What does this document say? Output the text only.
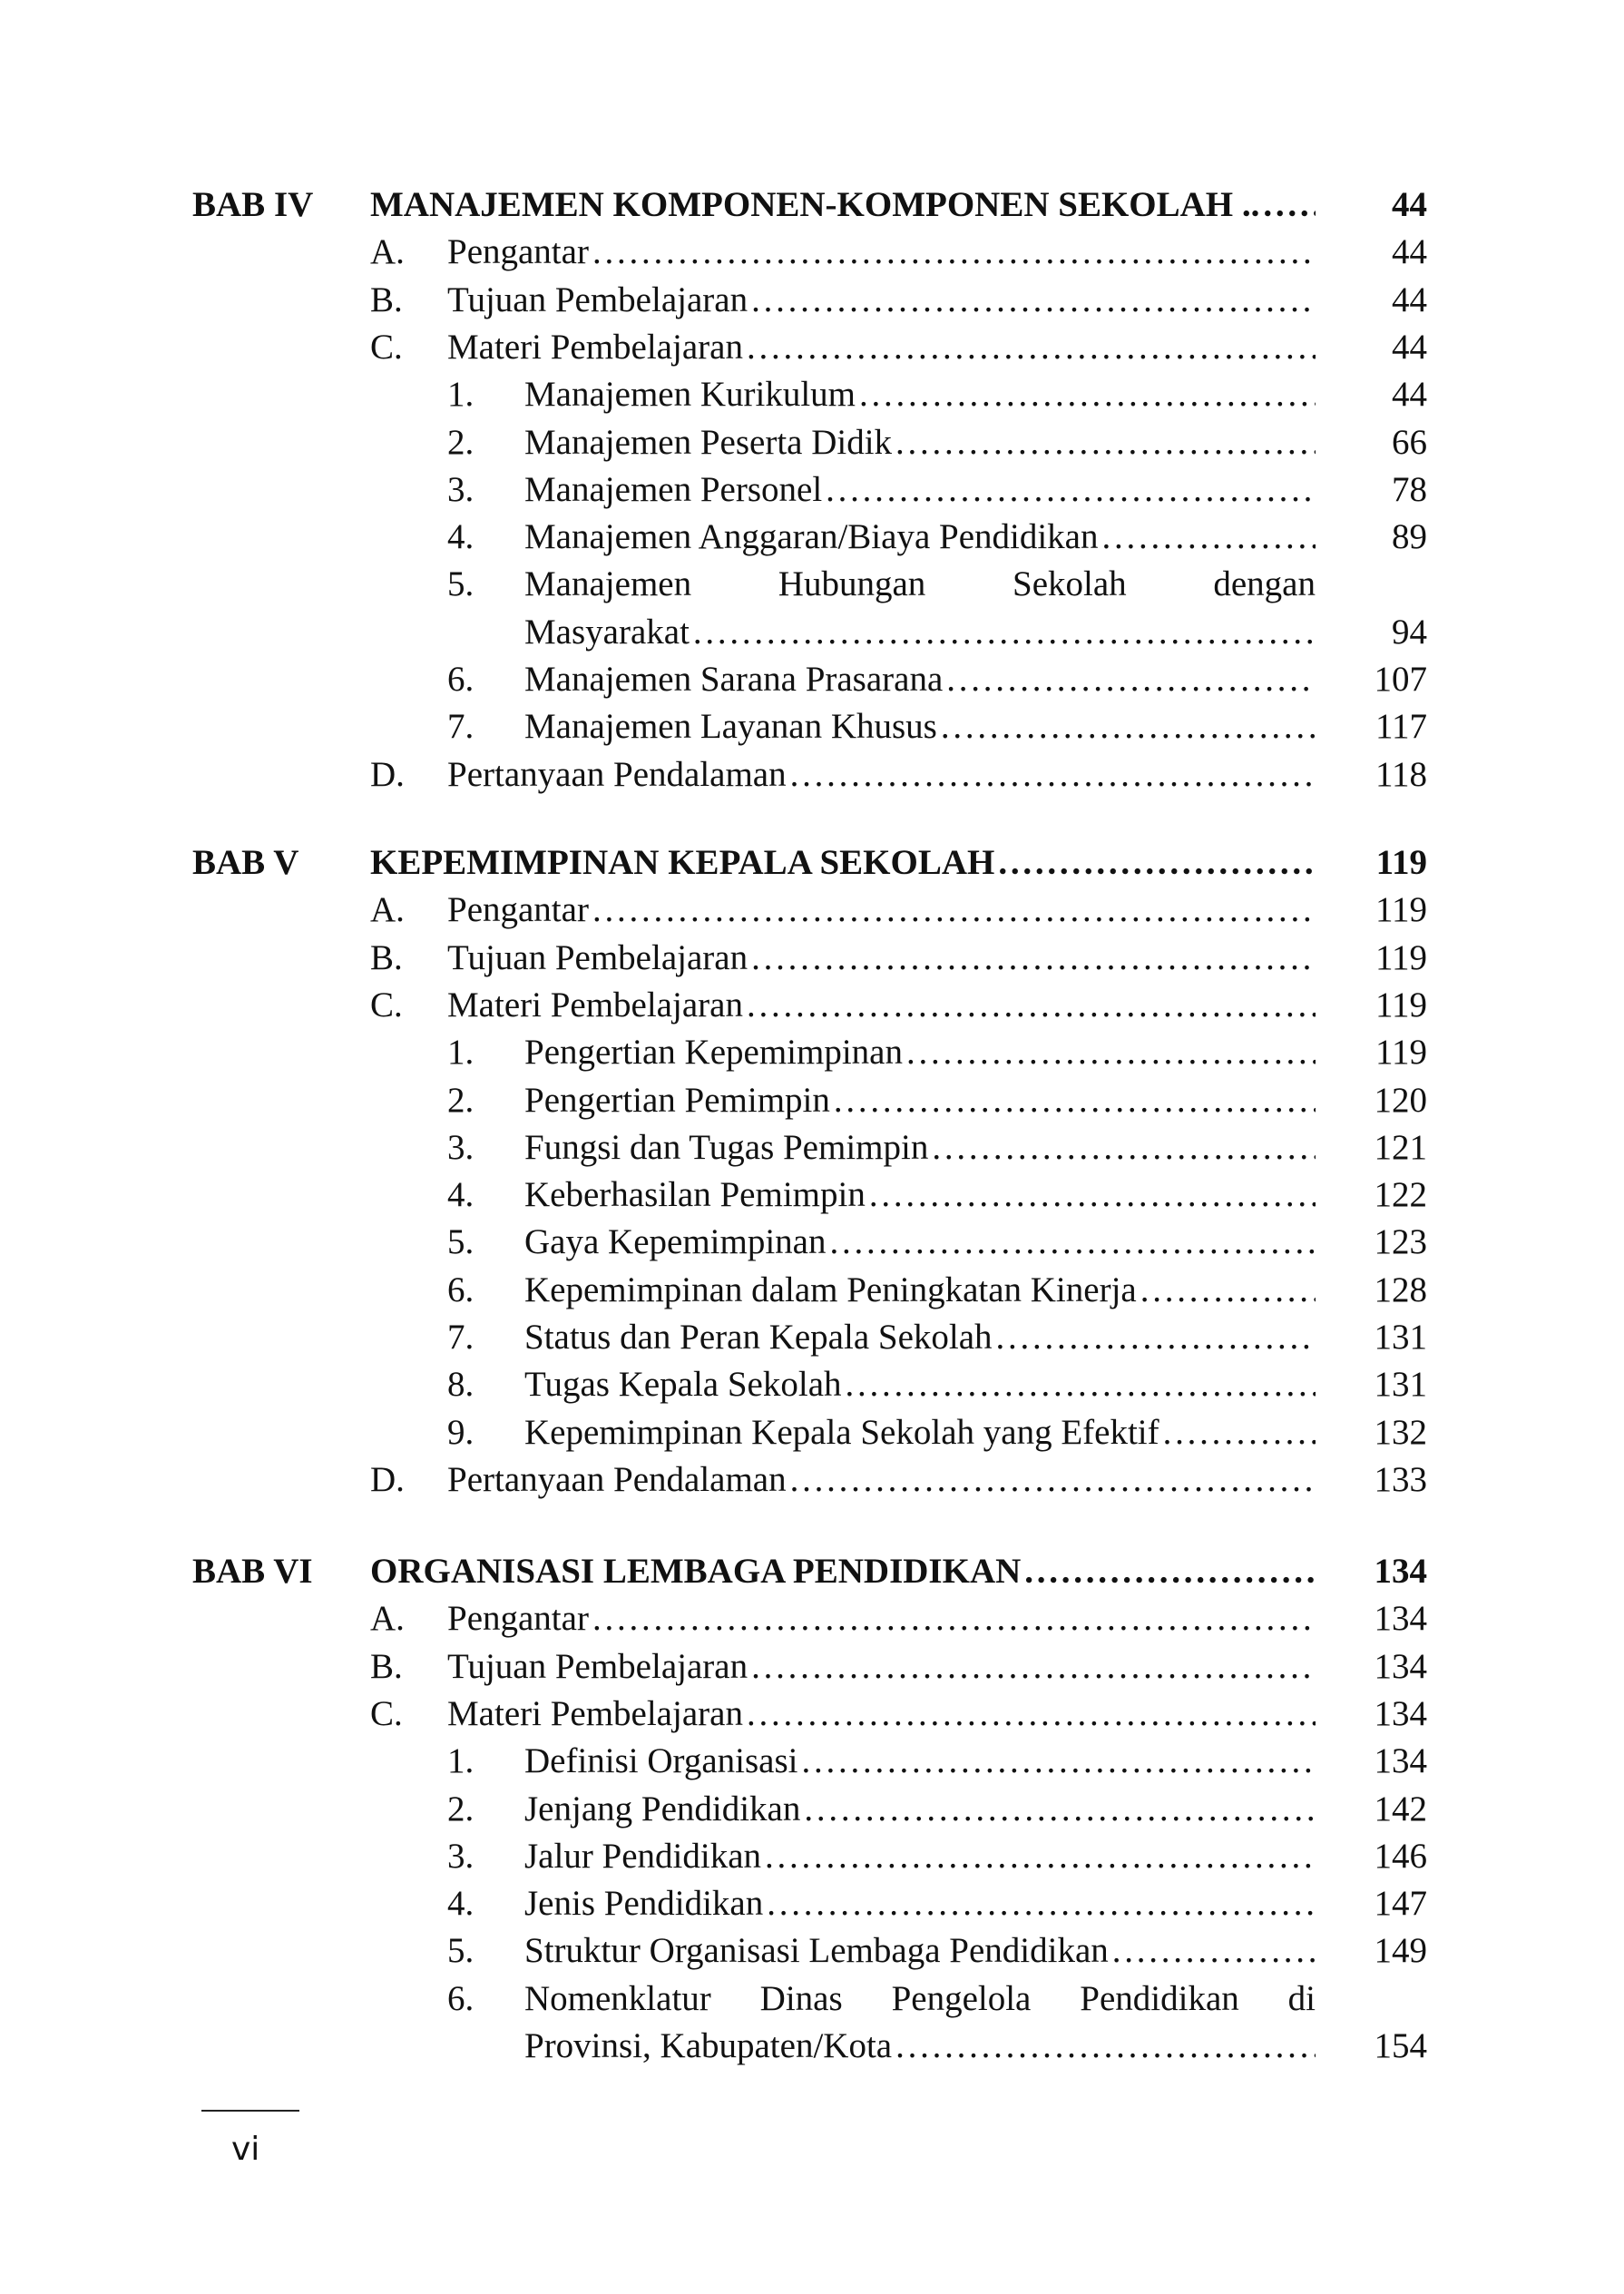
BAB IV MANAJEMEN KOMPONEN-KOMPONEN SEKOLAH .. . . .	44
A. Pengantar . . .	44
B. Tujuan Pembelajaran . . .	44
C. Materi Pembelajaran . . .	44
1. Manajemen Kurikulum . . .	44
2. Manajemen Peserta Didik . . .	66
3. Manajemen Personel . . .	78
4. Manajemen Anggaran/Biaya Pendidikan . . .	89
5. Manajemen Hubungan Sekolah dengan
Masyarakat . . .	94
6. Manajemen Sarana Prasarana . . .	107
7. Manajemen Layanan Khusus . . .	117
D. Pertanyaan Pendalaman . . .	118
BAB V KEPEMIMPINAN KEPALA SEKOLAH . . .	119
A. Pengantar . . .	119
B. Tujuan Pembelajaran . . .	119
C. Materi Pembelajaran . . .	119
1. Pengertian Kepemimpinan . . .	119
2. Pengertian Pemimpin . . .	120
3. Fungsi dan Tugas Pemimpin . . .	121
4. Keberhasilan Pemimpin . . .	122
5. Gaya Kepemimpinan . . .	123
6. Kepemimpinan dalam Peningkatan Kinerja . . .	128
7. Status dan Peran Kepala Sekolah . . .	131
8. Tugas Kepala Sekolah . . .	131
9. Kepemimpinan Kepala Sekolah yang Efektif . . .	132
D. Pertanyaan Pendalaman . . .	133
BAB VI ORGANISASI LEMBAGA PENDIDIKAN . . .	134
A. Pengantar . . .	134
B. Tujuan Pembelajaran . . .	134
C. Materi Pembelajaran . . .	134
1. Definisi Organisasi . . .	134
2. Jenjang Pendidikan . . .	142
3. Jalur Pendidikan . . .	146
4. Jenis Pendidikan . . .	147
5. Struktur Organisasi Lembaga Pendidikan . . .	149
6. Nomenklatur Dinas Pengelola Pendidikan di
Provinsi, Kabupaten/Kota . . .	154
vi
